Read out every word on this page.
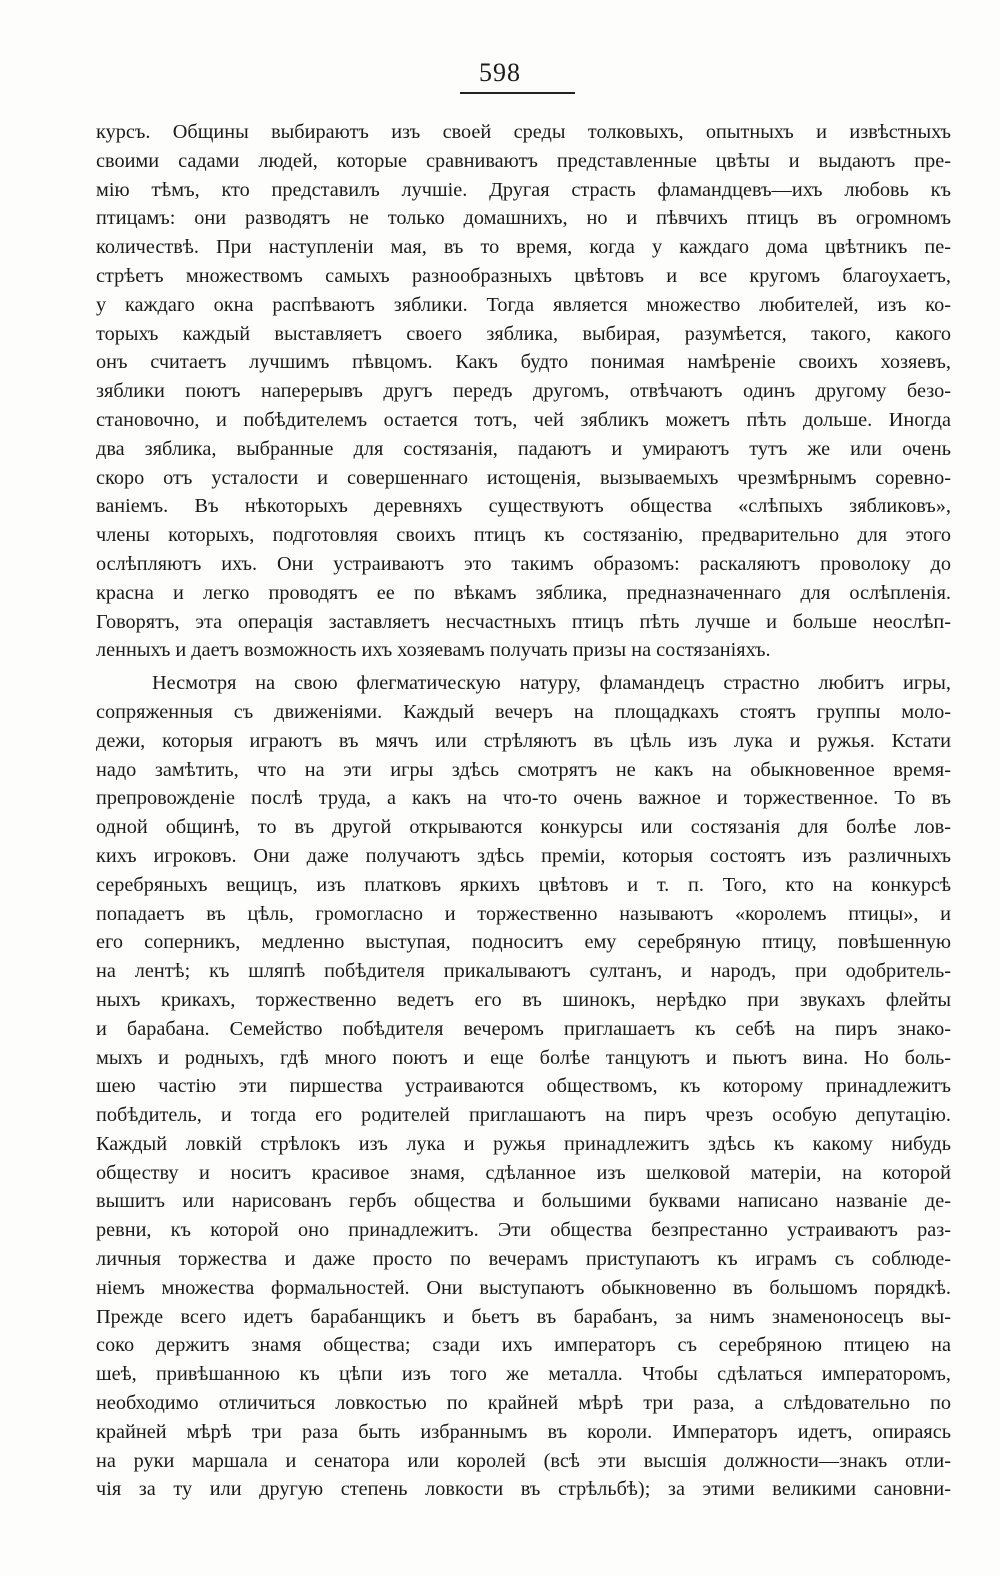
598
курсъ. Общины выбираютъ изъ своей среды толковыхъ, опытныхъ и извѣстныхъ
своими садами людей, которые сравниваютъ представленные цвѣты и выдаютъ пре-
мію тѣмъ, кто представилъ лучшіе. Другая страсть фламандцевъ—ихъ любовь къ
птицамъ: они разводятъ не только домашнихъ, но и пѣвчихъ птицъ въ огромномъ
количествѣ. При наступленіи мая, въ то время, когда у каждаго дома цвѣтникъ пе-
стрѣетъ множествомъ самыхъ разнообразныхъ цвѣтовъ и все кругомъ благоухаетъ,
у каждаго окна распѣваютъ зяблики. Тогда является множество любителей, изъ ко-
торыхъ каждый выставляетъ своего зяблика, выбирая, разумѣется, такого, какого
онъ считаетъ лучшимъ пѣвцомъ. Какъ будто понимая намѣреніе своихъ хозяевъ,
зяблики поютъ наперерывъ другъ передъ другомъ, отвѣчаютъ одинъ другому безо-
становочно, и побѣдителемъ остается тотъ, чей зябликъ можетъ пѣть дольше. Иногда
два зяблика, выбранные для состязанія, падаютъ и умираютъ тутъ же или очень
скоро отъ усталости и совершеннаго истощенія, вызываемыхъ чрезмѣрнымъ соревно-
ваніемъ. Въ нѣкоторыхъ деревняхъ существуютъ общества «слѣпыхъ зябликовъ»,
члены которыхъ, подготовляя своихъ птицъ къ состязанію, предварительно для этого
ослѣпляютъ ихъ. Они устраиваютъ это такимъ образомъ: раскаляютъ проволоку до
красна и легко проводятъ ее по вѣкамъ зяблика, предназначеннаго для ослѣпленія.
Говорятъ, эта операція заставляетъ несчастныхъ птицъ пѣть лучше и больше неослѣп-
ленныхъ и даетъ возможность ихъ хозяевамъ получать призы на состязаніяхъ.
Несмотря на свою флегматическую натуру, фламандецъ страстно любитъ игры,
сопряженныя съ движеніями. Каждый вечеръ на площадкахъ стоятъ группы моло-
дежи, которыя играютъ въ мячъ или стрѣляютъ въ цѣль изъ лука и ружья. Кстати
надо замѣтить, что на эти игры здѣсь смотрятъ не какъ на обыкновенное время-
препровожденіе послѣ труда, а какъ на что-то очень важное и торжественное. То въ
одной общинѣ, то въ другой открываются конкурсы или состязанія для болѣе лов-
кихъ игроковъ. Они даже получаютъ здѣсь преміи, которыя состоятъ изъ различныхъ
серебряныхъ вещицъ, изъ платковъ яркихъ цвѣтовъ и т. п. Того, кто на конкурсѣ
попадаетъ въ цѣль, громогласно и торжественно называютъ «королемъ птицы», и
его соперникъ, медленно выступая, подноситъ ему серебряную птицу, повѣшенную
на лентѣ; къ шляпѣ побѣдителя прикалываютъ султанъ, и народъ, при одобритель-
ныхъ крикахъ, торжественно ведетъ его въ шинокъ, нерѣдко при звукахъ флейты
и барабана. Семейство побѣдителя вечеромъ приглашаетъ къ себѣ на пиръ знако-
мыхъ и родныхъ, гдѣ много поютъ и еще болѣе танцуютъ и пьютъ вина. Но боль-
шею частію эти пиршества устраиваются обществомъ, къ которому принадлежитъ
побѣдитель, и тогда его родителей приглашаютъ на пиръ чрезъ особую депутацію.
Каждый ловкій стрѣлокъ изъ лука и ружья принадлежитъ здѣсь къ какому нибудь
обществу и носитъ красивое знамя, сдѣланное изъ шелковой матеріи, на которой
вышитъ или нарисованъ гербъ общества и большими буквами написано названіе де-
ревни, къ которой оно принадлежитъ. Эти общества безпрестанно устраиваютъ раз-
личныя торжества и даже просто по вечерамъ приступаютъ къ играмъ съ соблюде-
ніемъ множества формальностей. Они выступаютъ обыкновенно въ большомъ порядкѣ.
Прежде всего идетъ барабанщикъ и бьетъ въ барабанъ, за нимъ знаменоносецъ вы-
соко держитъ знамя общества; сзади ихъ императоръ съ серебряною птицею на
шеѣ, привѣшанною къ цѣпи изъ того же металла. Чтобы сдѣлаться императоромъ,
необходимо отличиться ловкостью по крайней мѣрѣ три раза, а слѣдовательно по
крайней мѣрѣ три раза быть избраннымъ въ короли. Императоръ идетъ, опираясь
на руки маршала и сенатора или королей (всѣ эти высшія должности—знакъ отли-
чія за ту или другую степень ловкости въ стрѣльбѣ); за этими великими сановни-
